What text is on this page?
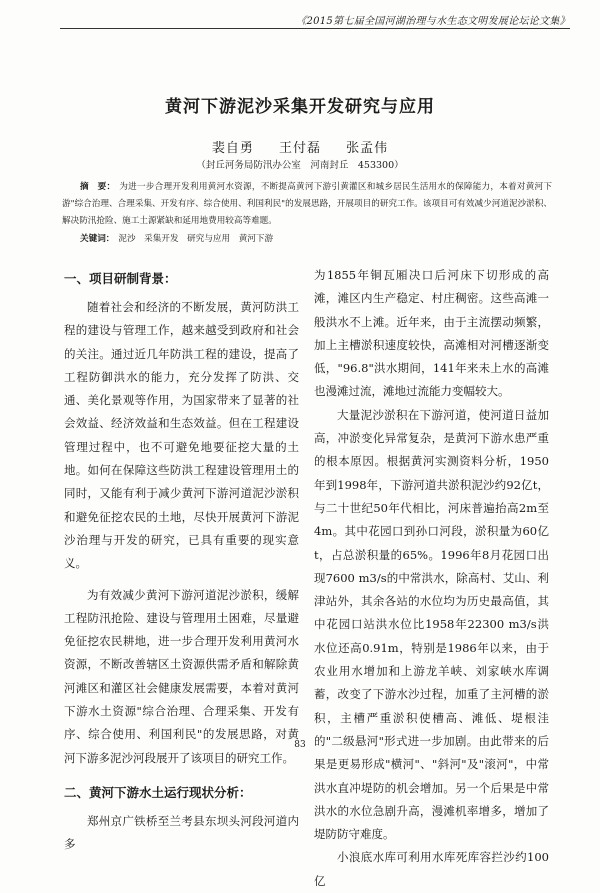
《2015第七届全国河湖治理与水生态文明发展论坛论文集》
黄河下游泥沙采集开发研究与应用
裴自勇 王付磊 张孟伟
（封丘河务局防汛办公室　河南封丘　453300）
摘　要： 为进一步合理开发利用黄河水资源，不断提高黄河下游引黄灌区和城乡居民生活用水的保障能力，本着对黄河下游"综合治理、合理采集、开发有序、综合使用、利国利民"的发展思路，开展项目的研究工作。该项目可有效减少河道泥沙淤积、解决防汛抢险、施工土源紧缺和延用地费用较高等难题。
关键词： 泥沙　采集开发　研究与应用　黄河下游
一、项目研制背景：

随着社会和经济的不断发展，黄河防洪工程的建设与管理工作，越来越受到政府和社会的关注。通过近几年防洪工程的建设，提高了工程防御洪水的能力，充分发挥了防洪、交通、美化景观等作用，为国家带来了显著的社会效益、经济效益和生态效益。但在工程建设管理过程中，也不可避免地要征挖大量的土地。如何在保障这些防洪工程建设管理用土的同时，又能有利于减少黄河下游河道泥沙淤积和避免征挖农民的土地，尽快开展黄河下游泥沙治理与开发的研究，已具有重要的现实意义。

为有效减少黄河下游河道泥沙淤积，缓解工程防汛抢险、建设与管理用土困难，尽量避免征挖农民耕地，进一步合理开发利用黄河水资源，不断改善辖区土资源供需矛盾和解除黄河滩区和灌区社会健康发展需要，本着对黄河下游水土资源"综合治理、合理采集、开发有序、综合使用、利国利民"的发展思路，对黄河下游多泥沙河段展开了该项目的研究工作。

二、黄河下游水土运行现状分析：

郑州京广铁桥至兰考县东坝头河段河道内多

为1855年铜瓦厢决口后河床下切形成的高滩，滩区内生产稳定、村庄稠密。这些高滩一般洪水不上滩。近年来，由于主流摆动频繁，加上主槽淤积速度较快，高滩相对河槽逐渐变低，"96.8"洪水期间，141年来未上水的高滩也漫滩过流，滩地过流能力变幅较大。

大量泥沙淤积在下游河道，使河道日益加高，冲淤变化异常复杂，是黄河下游水患严重的根本原因。根据黄河实测资料分析，1950年到1998年，下游河道共淤积泥沙约92亿t，与二十世纪50年代相比，河床普遍抬高2m至4m。其中花园口到孙口河段，淤积量为60亿t，占总淤积量的65%。1996年8月花园口出现7600 m3/s的中常洪水，除高村、艾山、利津站外，其余各站的水位均为历史最高值，其中花园口站洪水位比1958年22300 m3/s洪水位还高0.91m，特别是1986年以来，由于农业用水增加和上游龙羊峡、刘家峡水库调蓄，改变了下游水沙过程，加重了主河槽的淤积，主槽严重淤积使槽高、滩低、堤根洼的"二级悬河"形式进一步加剧。由此带来的后果是更易形成"横河"、"斜河"及"滚河"，中常洪水直冲堤防的机会增加。另一个后果是中常洪水的水位急剧升高，漫滩机率增多，增加了堤防防守难度。

小浪底水库可利用水库死库容拦沙约100亿

83
